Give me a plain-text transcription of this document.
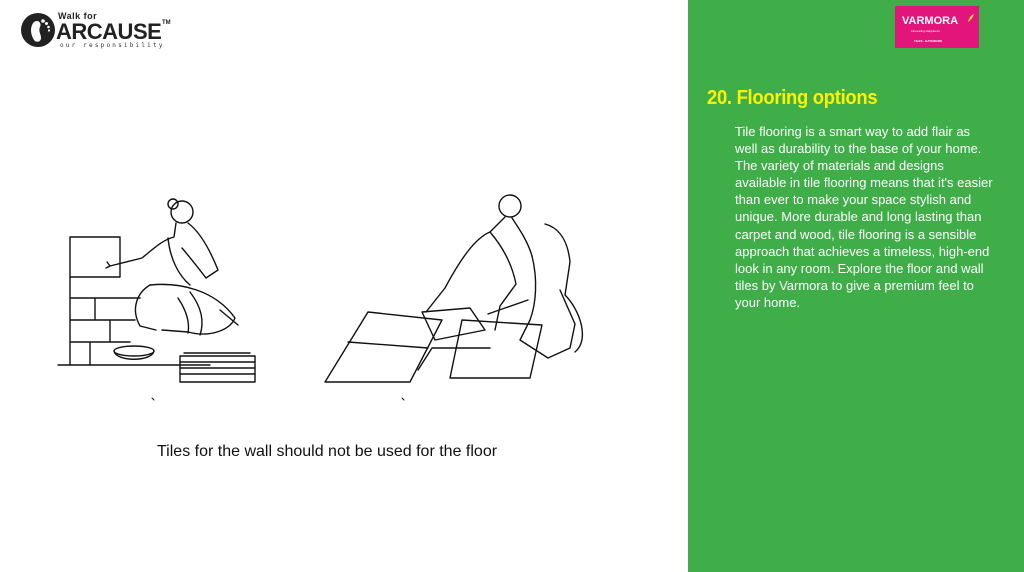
Walk for
ARCAUSE TM
our responsibility
Tiles for the wall should not be used for the floor
VARMORA
Innovating Happiness
TILES · BATHWARE
20. Flooring options

Tile flooring is a smart way to add flair as well as durability to the base of your home. The variety of materials and designs available in tile flooring means that it's easier than ever to make your space stylish and unique. More durable and long lasting than carpet and wood, tile flooring is a sensible approach that achieves a timeless, high-end look in any room. Explore the floor and wall tiles by Varmora to give a premium feel to your home.
